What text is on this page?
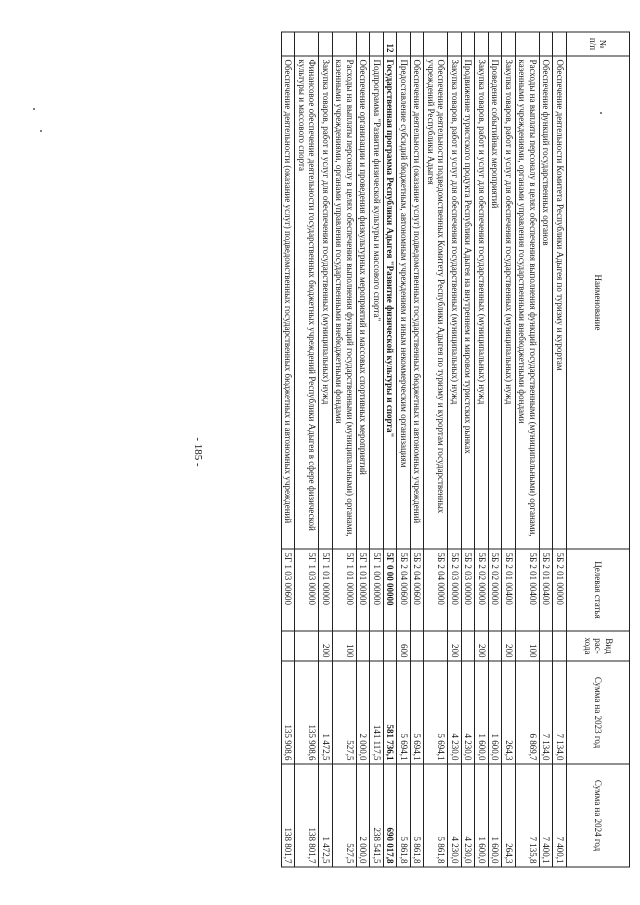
- 185 -
№ п/п	Наименование	Целевая статья	Вид рас-хода	Сумма на 2023 год	Сумма на 2024 год
	Обеспечение деятельности Комитета Республики Адыгея по туризму и курортам	5Б 2 01 00000		7 134,0	7 400,1
	Обеспечение функций государственных органов	5Б 2 01 00400		7 134,0	7 400,1
	Расходы на выплаты персоналу в целях обеспечения выполнения функций государственными (муниципальными) органами, казенными учреждениями, органами управления государственными внебюджетными фондами	5Б 2 01 00400	100	6 869,7	7 135,8
	Закупка товаров, работ и услуг для обеспечения государственных (муниципальных) нужд	5Б 2 01 00400	200	264,3	264,3
	Проведение событийных мероприятий	5Б 2 02 00000		1 600,0	1 600,0
	Закупка товаров, работ и услуг для обеспечения государственных (муниципальных) нужд	5Б 2 02 00000	200	1 600,0	1 600,0
	Продвижение туристского продукта Республики Адыгея на внутреннем и мировом туристских рынках	5Б 2 03 00000		4 230,0	4 230,0
	Закупка товаров, работ и услуг для обеспечения государственных (муниципальных) нужд	5Б 2 03 00000	200	4 230,0	4 230,0
	Обеспечение деятельности подведомственных Комитету Республики Адыгея по туризму и курортам государственных учреждений Республики Адыгея	5Б 2 04 00000		5 694,1	5 861,8
	Обеспечение деятельности (оказание услуг) подведомственных государственных бюджетных и автономных учреждений	5Б 2 04 00600		5 694,1	5 861,8
	Предоставление субсидий бюджетным, автономным учреждениям и иным некоммерческим организациям	5Б 2 04 00600	600	5 694,1	5 861,8
12	Государственная программа Республики Адыгея "Развитие физической культуры и спорта"	5Г 0 00 00000		581 736,1	690 017,8
	Подпрограмма "Развитие физической культуры и массового спорта"	5Г 1 00 00000		141 117,5	238 541,5
	Обеспечение организации и проведения физкультурных мероприятий и массовых спортивных мероприятий	5Г 1 01 00000		2 000,0	2 000,0
	Расходы на выплаты персоналу в целях обеспечения выполнения функций государственными (муниципальными) органами, казенными учреждениями, органами управления государственными внебюджетными фондами	5Г 1 01 00000	100	527,5	527,5
	Закупка товаров, работ и услуг для обеспечения государственных (муниципальных) нужд	5Г 1 01 00000	200	1 472,5	1 472,5
	Финансовое обеспечение деятельности государственных бюджетных учреждений Республики Адыгея в сфере физической культуры и массового спорта	5Г 1 03 00000		135 908,6	138 801,7
	Обеспечение деятельности (оказание услуг) подведомственных государственных бюджетных и автономных учреждений	5Г 1 03 00600		135 908,6	138 801,7
